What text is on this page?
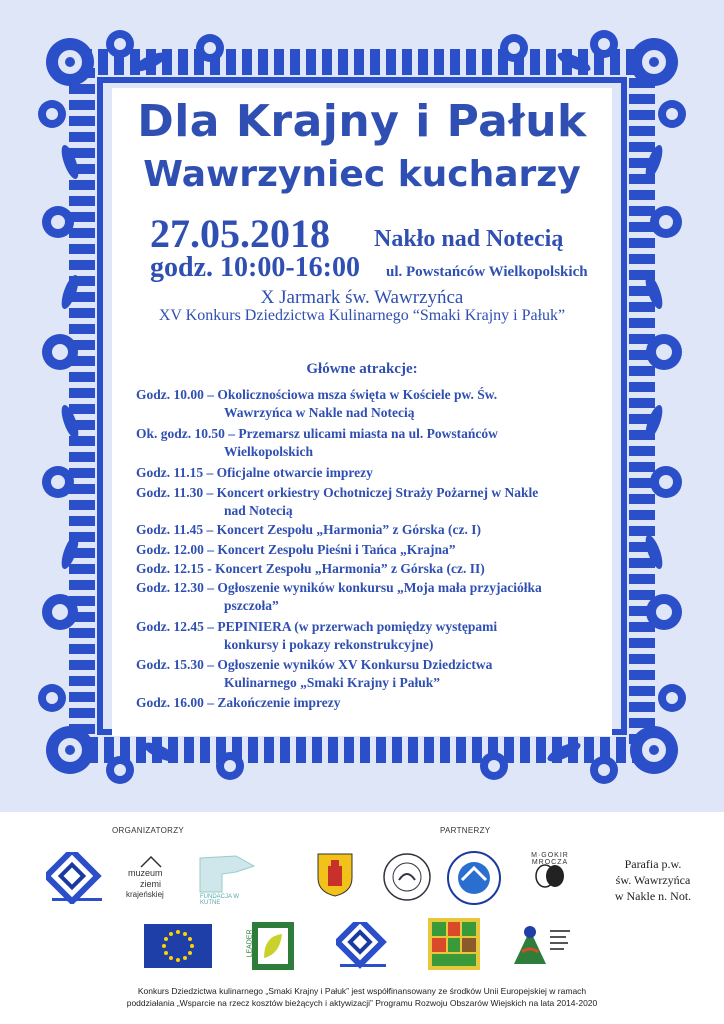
Dla Krajny i Pałuk
Wawrzyniec kucharzy
27.05.2018 Nakło nad Notecią
godz. 10:00-16:00 ul. Powstańców Wielkopolskich
X Jarmark św. Wawrzyńca
XV Konkurs Dziedzictwa Kulinarnego “Smaki Krajny i Pałuk”
Główne atrakcje:
Godz. 10.00 – Okolicznościowa msza święta w Kościele pw. Św.
Wawrzyńca w Nakle nad Notecią
Ok. godz. 10.50 – Przemarsz ulicami miasta na ul. Powstańców
Wielkopolskich
Godz. 11.15 – Oficjalne otwarcie imprezy
Godz. 11.30 – Koncert orkiestry Ochotniczej Straży Pożarnej w Nakle
nad Notecią
Godz. 11.45 – Koncert Zespołu „Harmonia” z Górska (cz. I)
Godz. 12.00 – Koncert Zespołu Pieśni i Tańca „Krajna”
Godz. 12.15 - Koncert Zespołu „Harmonia” z Górska (cz. II)
Godz. 12.30 – Ogłoszenie wyników konkursu „Moja mała przyjaciółka
pszczoła”
Godz. 12.45 – PEPINIERA (w przerwach pomiędzy występami
konkursy i pokazy rekonstrukcyjne)
Godz. 15.30 – Ogłoszenie wyników XV Konkursu Dziedzictwa
Kulinarnego „Smaki Krajny i Pałuk”
Godz. 16.00 – Zakończenie imprezy
ORGANIZATORZY	PARTNERZY
muzeum
ziemi
krajeńskiej	FUNDACJA W KUTNE
M·GOKIR MROCZA	Parafia p.w.
św. Wawrzyńca
w Nakle n. Not.
LEADER
Konkurs Dziedzictwa kulinarnego „Smaki Krajny i Pałuk” jest współfinansowany ze środków Unii Europejskiej w ramach
poddziałania „Wsparcie na rzecz kosztów bieżących i aktywizacji” Programu Rozwoju Obszarów Wiejskich na lata 2014-2020
